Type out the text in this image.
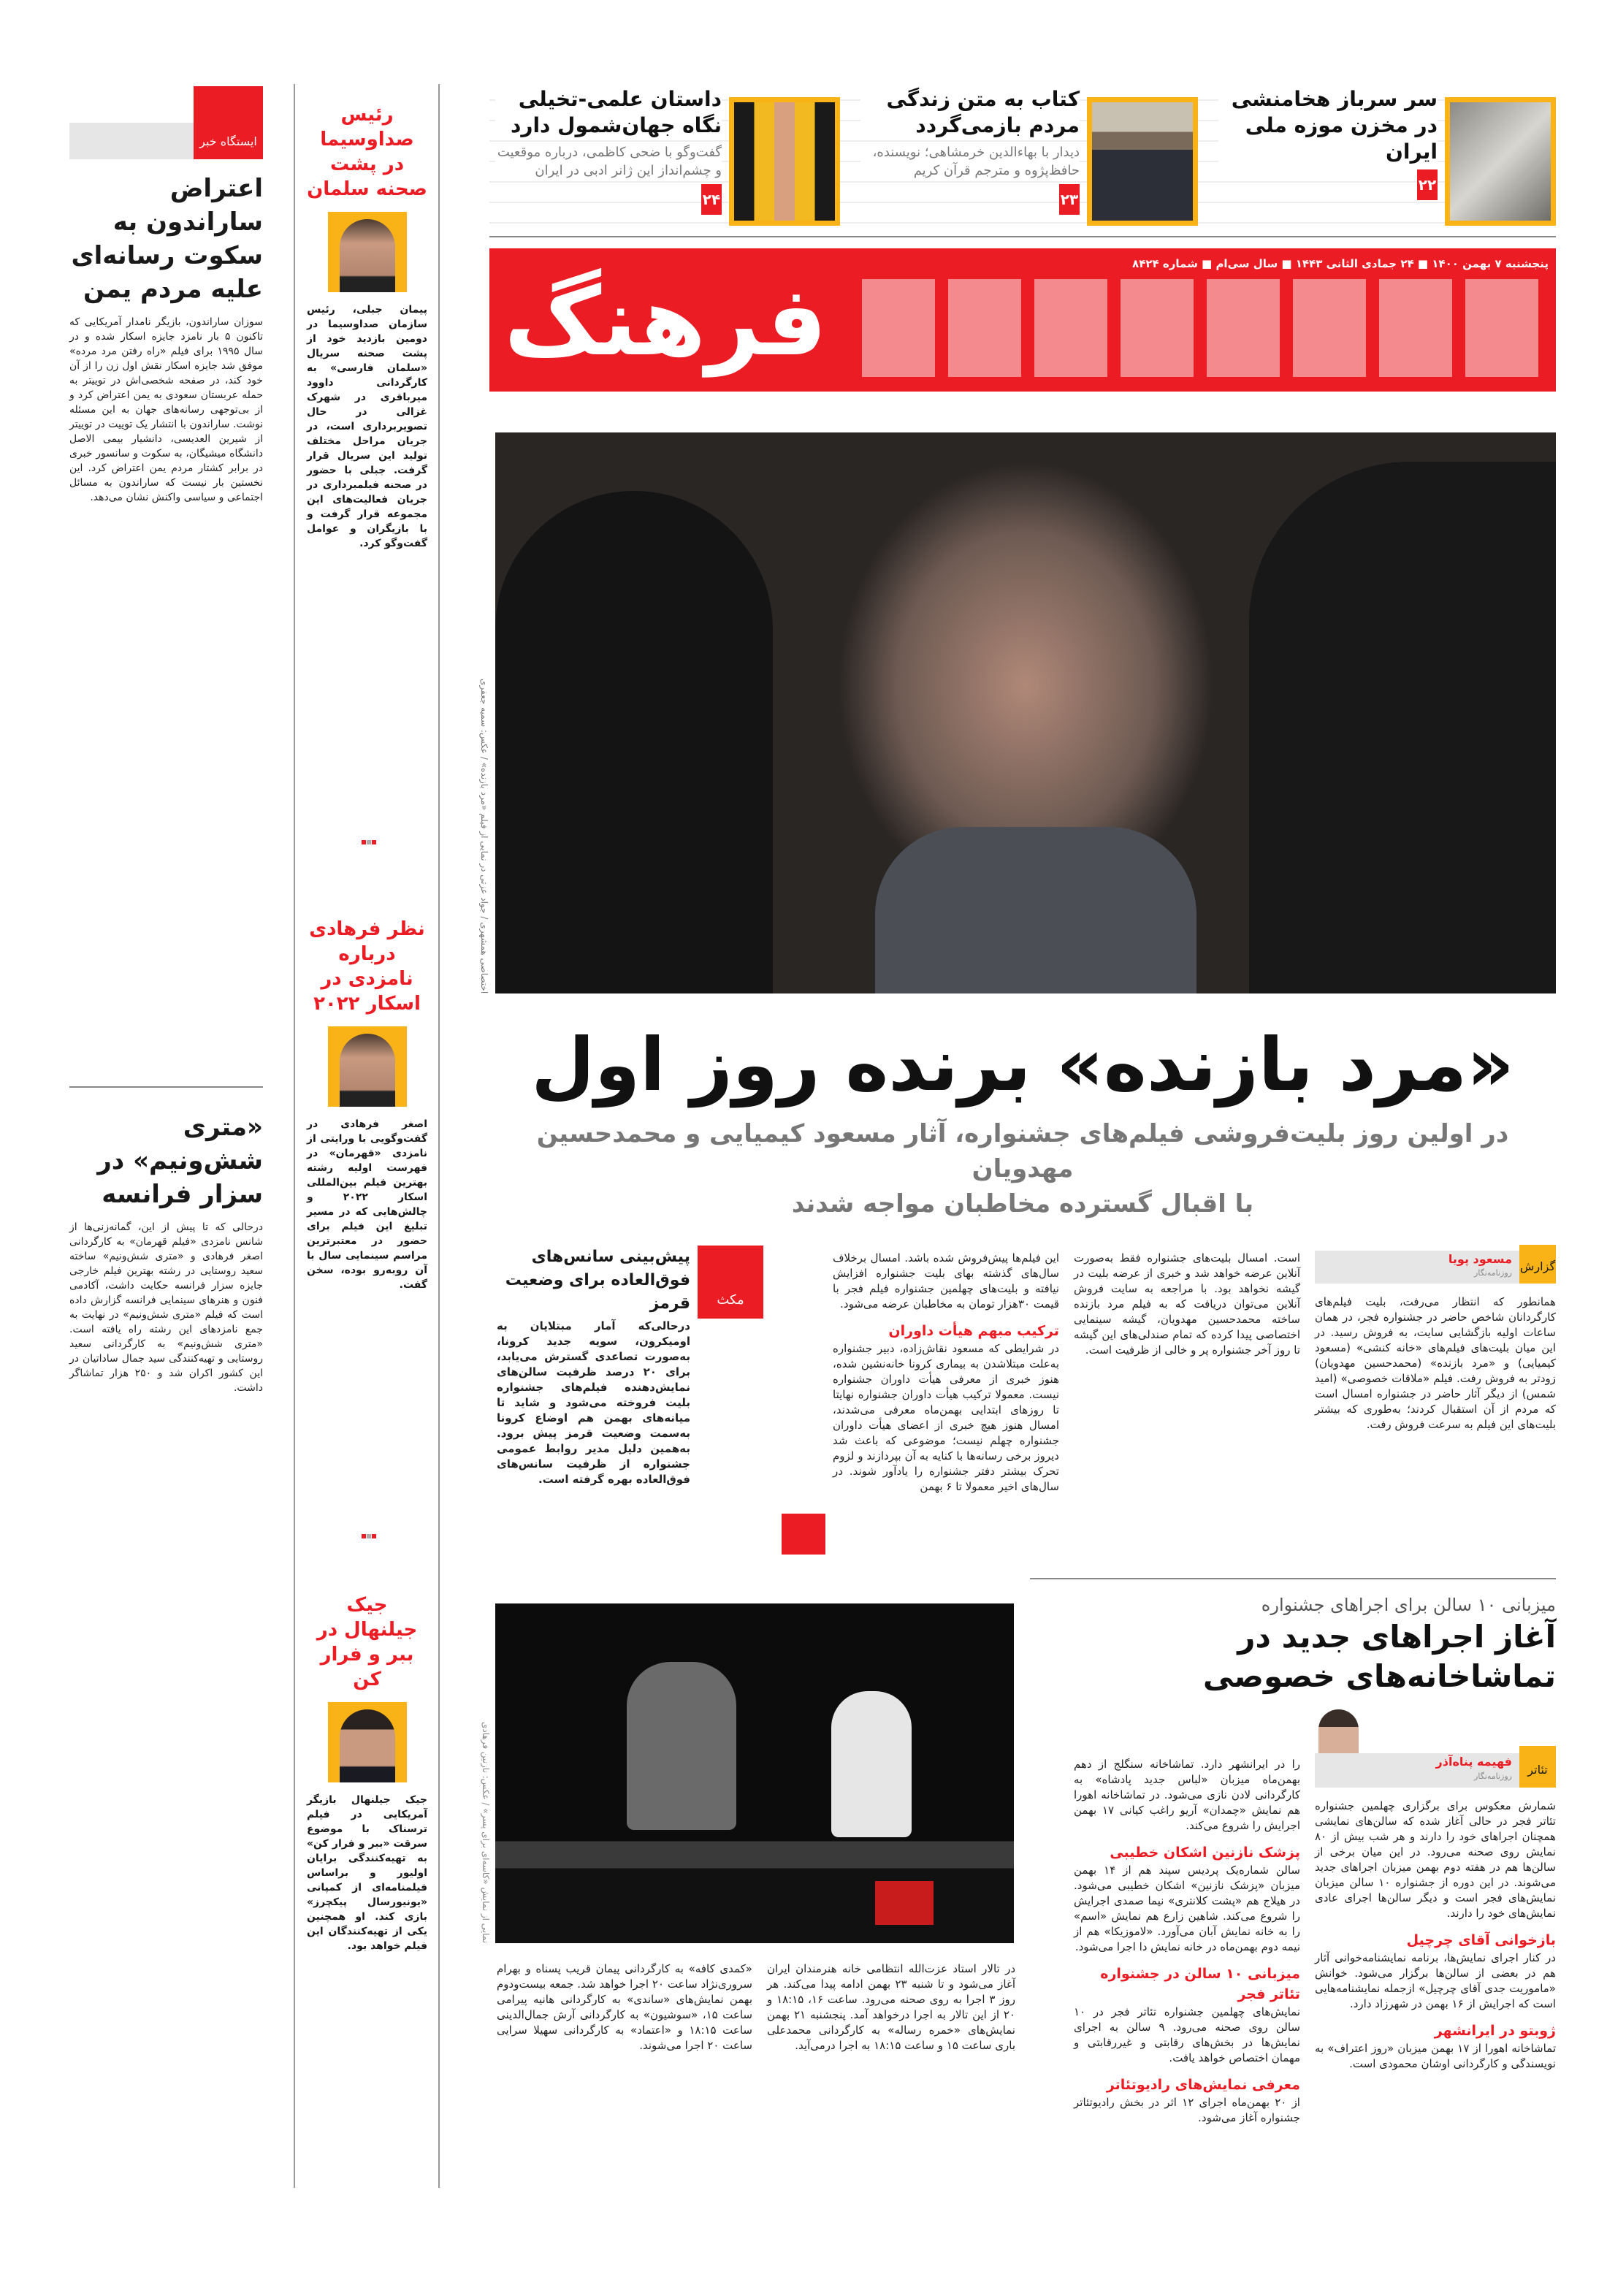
سر سرباز هخامنشی در مخزن موزه ملی ایران
۲۲
کتاب به متن زندگی مردم بازمی‌گردد
دیدار با بهاءالدین خرمشاهی؛ نویسنده، حافظ‌پژوه و مترجم قرآن کریم
۲۳
داستان علمی-تخیلی نگاه جهان‌شمول دارد
گفت‌وگو با ضحی کاظمی، درباره موقعیت و چشم‌انداز این ژانر ادبی در ایران
۲۴
پنجشنبه ۷ بهمن ۱۴۰۰ ■ ۲۴ جمادی الثانی ۱۴۴۳ ■ سال سی‌ام ■ شماره ۸۴۲۴
فرهنگ
اختصاصی همشهری / جواد عزتی در نمایی از فیلم «مرد بازنده» / عکس: سمیه جعفری
«مرد بازنده» برنده روز اول
در اولین روز بلیت‌فروشی فیلم‌های جشنواره، آثار مسعود کیمیایی و محمدحسین مهدویان
با اقبال گسترده مخاطبان مواجه شدند
گزارش
مسعود پویا
روزنامه‌نگار
همانطور که انتظار می‌رفت، بلیت فیلم‌های کارگردانان شاخص حاضر در جشنواره فجر، در همان ساعات اولیه بازگشایی سایت، به فروش رسید. در این میان بلیت‌های فیلم‌های «خانه کنشی» (مسعود کیمیایی) و «مرد بازنده» (محمدحسین مهدویان) زودتر به فروش رفت. فیلم «ملاقات خصوصی» (امید شمس) از دیگر آثار حاضر در جشنواره امسال است که مردم از آن استقبال کردند؛ به‌طوری که بیشتر بلیت‌های این فیلم به سرعت فروش رفت.
است. امسال بلیت‌های جشنواره فقط به‌صورت آنلاین عرضه خواهد شد و خبری از عرضه بلیت در گیشه نخواهد بود. با مراجعه به سایت فروش آنلاین می‌توان دریافت که به فیلم مرد بازنده ساخته محمدحسین مهدویان، گیشه سینمایی اختصاصی پیدا کرده که تمام صندلی‌های این گیشه تا روز آخر جشنواره پر و خالی از ظرفیت است.
این فیلم‌ها پیش‌فروش شده باشد. امسال برخلاف سال‌های گذشته بهای بلیت جشنواره افزایش نیافته و بلیت‌های چهلمین جشنواره فیلم فجر با قیمت ۳۰هزار تومان به مخاطبان عرضه می‌شود.
ترکیب مبهم هیأت داوران
در شرایطی که مسعود نقاش‌زاده، دبیر جشنواره به‌علت مبتلاشدن به بیماری کرونا خانه‌نشین شده، هنوز خبری از معرفی هیأت داوران جشنواره نیست. معمولا ترکیب هیأت داوران جشنواره نهایتا تا روزهای ابتدایی بهمن‌ماه معرفی می‌شدند، امسال هنوز هیچ خبری از اعضای هیأت داوران جشنواره چهلم نیست؛ موضوعی که باعث شد دیروز برخی رسانه‌ها با کنایه به آن بپردازند و لزوم تحرک بیشتر دفتر جشنواره را یادآور شوند. در سال‌های اخیر معمولا تا ۶ بهمن
مکث
پیش‌بینی سانس‌های فوق‌العاده برای وضعیت قرمز
درحالی‌که آمار مبتلایان به اومیکرون، سویه جدید کرونا، به‌صورت تصاعدی گسترش می‌یابد، برای ۲۰ درصد ظرفیت سالن‌های نمایش‌دهنده فیلم‌های جشنواره بلیت فروخته می‌شود و شاید تا میانه‌های بهمن هم اوضاع کرونا به‌سمت وضعیت قرمز پیش برود. به‌همین دلیل مدیر روابط عمومی جشنواره از ظرفیت سانس‌های فوق‌العاده بهره گرفته است.
نمایی از نمایش «کاسه‌ای برای پسر» / عکس: نازنین فرهادی
میزبانی ۱۰ سالن برای اجراهای جشنواره
آغاز اجراهای جدید در تماشاخانه‌های خصوصی
تئاتر
فهیمه پناه‌آذر
روزنامه‌نگار
شمارش معکوس برای برگزاری چهلمین جشنواره تئاتر فجر در حالی آغاز شده که سالن‌های نمایشی همچنان اجراهای خود را دارند و هر شب بیش از ۸۰ نمایش روی صحنه می‌رود. در این میان برخی از سالن‌ها هم در هفته دوم بهمن میزبان اجراهای جدید می‌شوند. در این دوره از جشنواره ۱۰ سالن میزبان نمایش‌های فجر است و دیگر سالن‌ها اجرای عادی نمایش‌های خود را دارند.
بازخوانی آقای چرچیل
در کنار اجرای نمایش‌ها، برنامه نمایشنامه‌خوانی آثار هم در بعضی از سالن‌ها برگزار می‌شود. خوانش «ماموریت جدی آقای چرچیل» ازجمله نمایشنامه‌هایی است که اجرایش از ۱۶ بهمن در شهرزاد دارد.
ژوبتو در ایرانشهر
تماشاخانه اهورا از ۱۷ بهمن میزبان «روز اعتراف» به نویسندگی و کارگردانی اوشان محمودی است.
را در ایرانشهر دارد. تماشاخانه سنگلج از دهم بهمن‌ماه میزبان «لباس جدید پادشاه» به کارگردانی لادن نازی می‌شود. در تماشاخانه اهورا هم نمایش «چمدان» آریو راغب کیانی ۱۷ بهمن اجرایش را شروع می‌کند.
پزشک نازنین اشکان خطیبی
سالن شماره‌یک پردیس سپند هم از ۱۴ بهمن میزبان «پزشک نازنین» اشکان خطیبی می‌شود. در هیلاج هم «پشت کلانتری» نیما صمدی اجرایش را شروع می‌کند. شاهین زارع هم نمایش «اسم» را به خانه نمایش آبان می‌آورد. «لاموزیکا» هم از نیمه دوم بهمن‌ماه در خانه نمایش دا اجرا می‌شود.
میزبانی ۱۰ سالن در جشنواره تئاتر فجر
نمایش‌های چهلمین جشنواره تئاتر فجر در ۱۰ سالن روی صحنه می‌رود. ۹ سالن به اجرای نمایش‌ها در بخش‌های رقابتی و غیررقابتی و مهمان اختصاص خواهد یافت.
معرفی نمایش‌های رادیوتئاتر
از ۲۰ بهمن‌ماه اجرای ۱۲ اثر در بخش رادیوتئاتر جشنواره آغاز می‌شود.
در تالار استاد عزت‌الله انتظامی خانه هنرمندان ایران آغاز می‌شود و تا شنبه ۲۳ بهمن ادامه پیدا می‌کند. هر روز ۳ اجرا به روی صحنه می‌رود. ساعت ۱۶، ۱۸:۱۵ و ۲۰ از این تالار به اجرا درخواهد آمد. پنجشنبه ۲۱ بهمن نمایش‌های «خمره رساله» به کارگردانی محمدعلی باری ساعت ۱۵ و ساعت ۱۸:۱۵ به اجرا درمی‌آید.
«کمدی کافه» به کارگردانی پیمان قریب پسناه و بهرام سروری‌نژاد ساعت ۲۰ اجرا خواهد شد. جمعه بیست‌ودوم بهمن نمایش‌های «ساندی» به کارگردانی هانیه پیرامی ساعت ۱۵، «سوشیون» به کارگردانی آرش جمال‌الدینی ساعت ۱۸:۱۵ و «اعتماد» به کارگردانی سهیلا سرایی ساعت ۲۰ اجرا می‌شوند.
ایستگاه خبر
اعتراض ساراندون به سکوت رسانه‌ای علیه مردم یمن
سوزان ساراندون، بازیگر نامدار آمریکایی که تاکنون ۵ بار نامزد جایزه اسکار شده و در سال ۱۹۹۵ برای فیلم «راه رفتن مرد مرده» موفق شد جایزه اسکار نقش اول زن را از آن خود کند، در صفحه شخصی‌اش در توییتر به حمله عربستان سعودی به یمن اعتراض کرد و از بی‌توجهی رسانه‌های جهان به این مسئله نوشت. ساراندون با انتشار یک توییت در توییتر از شیرین العدیسی، دانشیار بیمی الاصل دانشگاه میشیگان، به سکوت و سانسور خبری در برابر کشتار مردم یمن اعتراض کرد. این نخستین بار نیست که ساراندون به مسائل اجتماعی و سیاسی واکنش نشان می‌دهد.
«متری شش‌ونیم» در سزار فرانسه
درحالی که تا پیش از این، گمانه‌زنی‌ها از شانس نامزدی «فیلم قهرمان» به کارگردانی اصغر فرهادی و «متری شش‌ونیم» ساخته سعید روستایی در رشته بهترین فیلم خارجی جایزه سزار فرانسه حکایت داشت، آکادمی فنون و هنرهای سینمایی فرانسه گزارش داده است که فیلم «متری شش‌ونیم» در نهایت به جمع نامزدهای این رشته راه یافته است. «متری شش‌ونیم» به کارگردانی سعید روستایی و تهیه‌کنندگی سید جمال ساداتیان در این کشور اکران شد و ۲۵۰ هزار تماشاگر داشت.
رئیس صداوسیما در پشت صحنه سلمان
پیمان جبلی، رئیس سازمان صداوسیما در دومین بازدید خود از پشت صحنه سریال «سلمان فارسی» به کارگردانی داوود میرباقری در شهرک غزالی در حال تصویربرداری است، در جریان مراحل مختلف تولید این سریال قرار گرفت. جبلی با حضور در صحنه فیلمبرداری در جریان فعالیت‌های این مجموعه قرار گرفت و با بازیگران و عوامل گفت‌وگو کرد.
نظر فرهادی درباره نامزدی در اسکار ۲۰۲۲
اصغر فرهادی در گفت‌وگویی با ورایتی از نامزدی «قهرمان» در فهرست اولیه رشته بهترین فیلم بین‌المللی اسکار ۲۰۲۲ و چالش‌هایی که در مسیر تبلیغ این فیلم برای حضور در معتبرترین مراسم سینمایی سال با آن روبه‌رو بوده، سخن گفت.
جیک جیلنهال در ببر و فرار کن
جیک جیلنهال بازیگر آمریکایی در فیلم ترسناک با موضوع سرقت «ببر و فرار کن» به تهیه‌کنندگی برایان اولیور و براساس فیلمنامه‌ای از کمپانی «یونیورسال پیکچرز» بازی کند. او همچنین یکی از تهیه‌کنندگان این فیلم خواهد بود.
